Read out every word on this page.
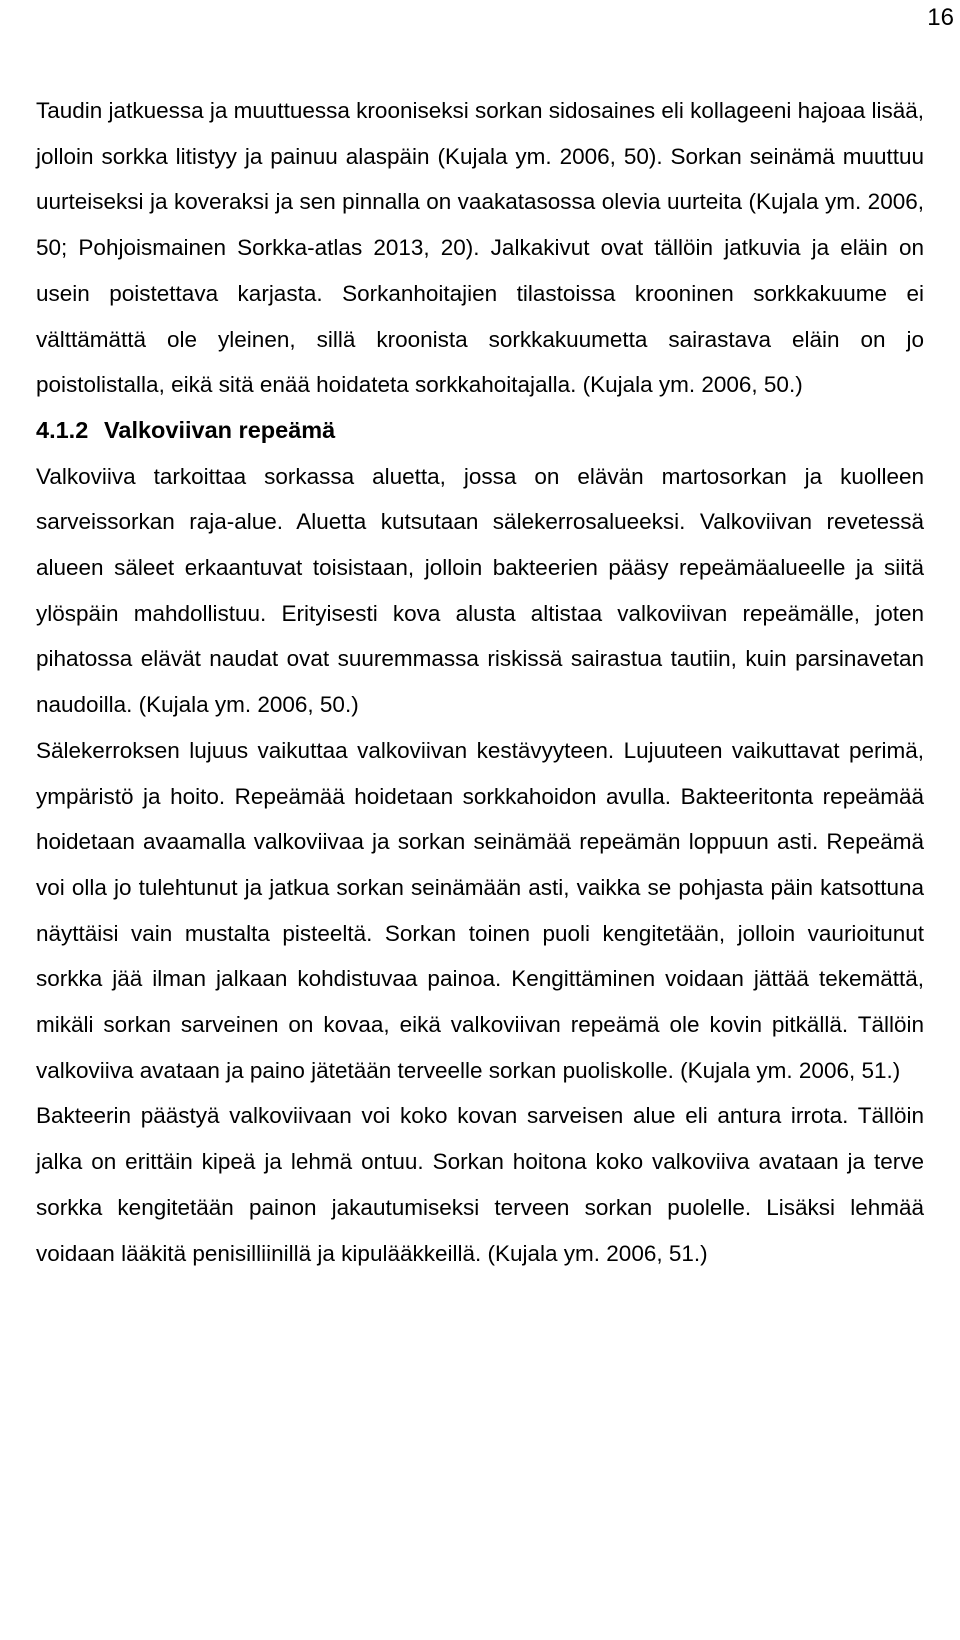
16

Taudin jatkuessa ja muuttuessa krooniseksi sorkan sidosaines eli kollageeni hajoaa lisää, jolloin sorkka litistyy ja painuu alaspäin (Kujala ym. 2006, 50). Sorkan seinämä muuttuu uurteiseksi ja koveraksi ja sen pinnalla on vaakatasossa olevia uurteita (Kujala ym. 2006, 50; Pohjoismainen Sorkka-atlas 2013, 20). Jalkakivut ovat tällöin jatkuvia ja eläin on usein poistettava karjasta. Sorkanhoitajien tilastoissa krooninen sorkkakuume ei välttämättä ole yleinen, sillä kroonista sorkkakuumetta sairastava eläin on jo poistolistalla, eikä sitä enää hoidateta sorkkahoitajalla. (Kujala ym. 2006, 50.)

4.1.2 Valkoviivan repeämä

Valkoviiva tarkoittaa sorkassa aluetta, jossa on elävän martosorkan ja kuolleen sarveissorkan raja-alue. Aluetta kutsutaan sälekerrosalueeksi. Valkoviivan revetessä alueen säleet erkaantuvat toisistaan, jolloin bakteerien pääsy repeämäalueelle ja siitä ylöspäin mahdollistuu. Erityisesti kova alusta altistaa valkoviivan repeämälle, joten pihatossa elävät naudat ovat suuremmassa riskissä sairastua tautiin, kuin parsinavetan naudoilla. (Kujala ym. 2006, 50.)

Sälekerroksen lujuus vaikuttaa valkoviivan kestävyyteen. Lujuuteen vaikuttavat perimä, ympäristö ja hoito. Repeämää hoidetaan sorkkahoidon avulla. Bakteeritonta repeämää hoidetaan avaamalla valkoviivaa ja sorkan seinämää repeämän loppuun asti. Repeämä voi olla jo tulehtunut ja jatkua sorkan seinämään asti, vaikka se pohjasta päin katsottuna näyttäisi vain mustalta pisteeltä. Sorkan toinen puoli kengitetään, jolloin vaurioitunut sorkka jää ilman jalkaan kohdistuvaa painoa. Kengittäminen voidaan jättää tekemättä, mikäli sorkan sarveinen on kovaa, eikä valkoviivan repeämä ole kovin pitkällä. Tällöin valkoviiva avataan ja paino jätetään terveelle sorkan puoliskolle. (Kujala ym. 2006, 51.)

Bakteerin päästyä valkoviivaan voi koko kovan sarveisen alue eli antura irrota. Tällöin jalka on erittäin kipeä ja lehmä ontuu. Sorkan hoitona koko valkoviiva avataan ja terve sorkka kengitetään painon jakautumiseksi terveen sorkan puolelle. Lisäksi lehmää voidaan lääkitä penisilliinillä ja kipulääkkeillä. (Kujala ym. 2006, 51.)
